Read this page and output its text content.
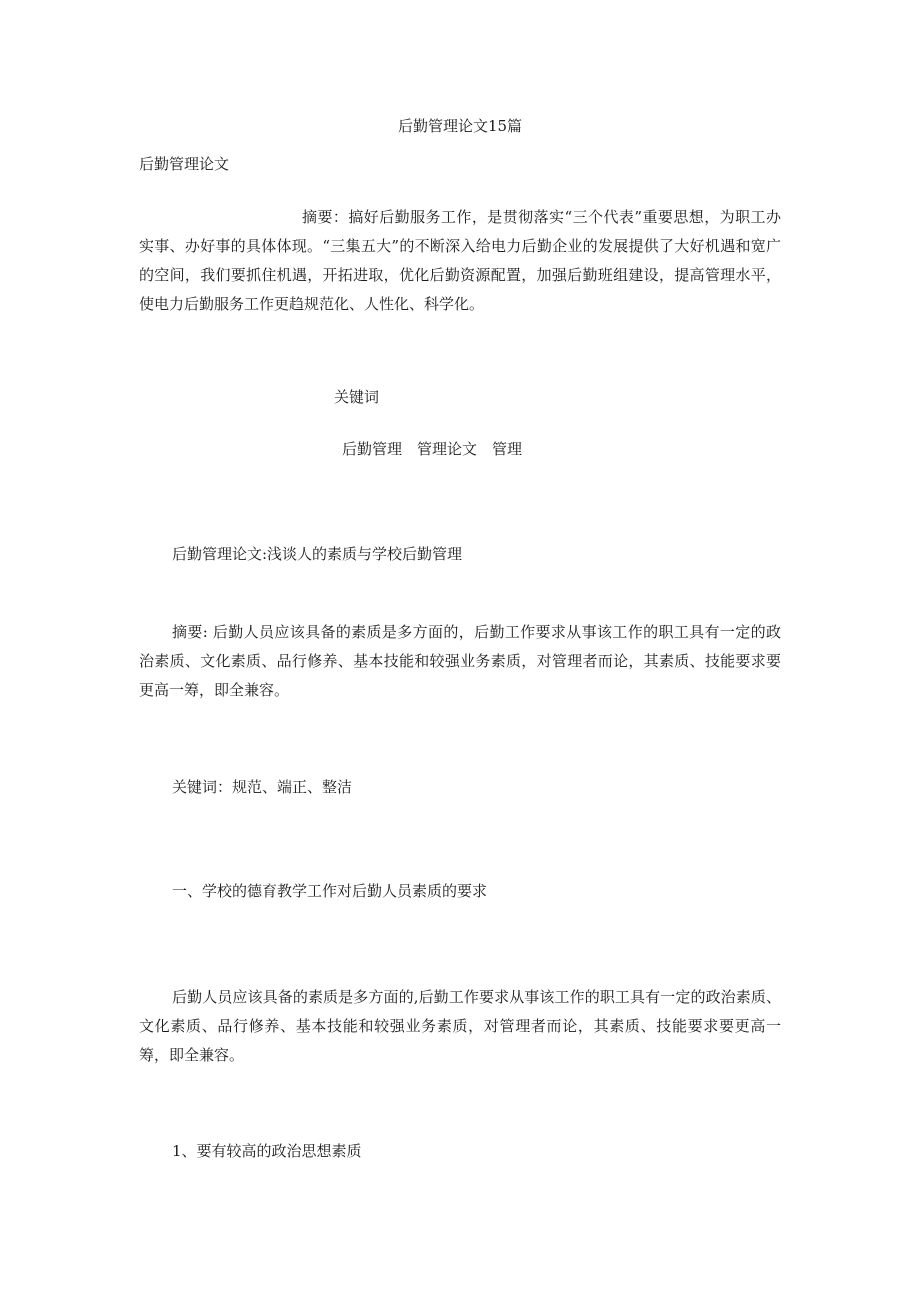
后勤管理论文15篇

后勤管理论文

摘要：搞好后勤服务工作，是贯彻落实“三个代表”重要思想，为职工办实事、办好事的具体体现。“三集五大”的不断深入给电力后勤企业的发展提供了大好机遇和宽广的空间，我们要抓住机遇，开拓进取，优化后勤资源配置，加强后勤班组建设，提高管理水平，使电力后勤服务工作更趋规范化、人性化、科学化。

关键词

后勤管理　管理论文　管理

后勤管理论文:浅谈人的素质与学校后勤管理

摘要: 后勤人员应该具备的素质是多方面的，后勤工作要求从事该工作的职工具有一定的政治素质、文化素质、品行修养、基本技能和较强业务素质，对管理者而论，其素质、技能要求要更高一筹，即全兼容。

关键词：规范、端正、整洁

一、学校的德育教学工作对后勤人员素质的要求

后勤人员应该具备的素质是多方面的,后勤工作要求从事该工作的职工具有一定的政治素质、文化素质、品行修养、基本技能和较强业务素质，对管理者而论，其素质、技能要求要更高一筹，即全兼容。

1、要有较高的政治思想素质
